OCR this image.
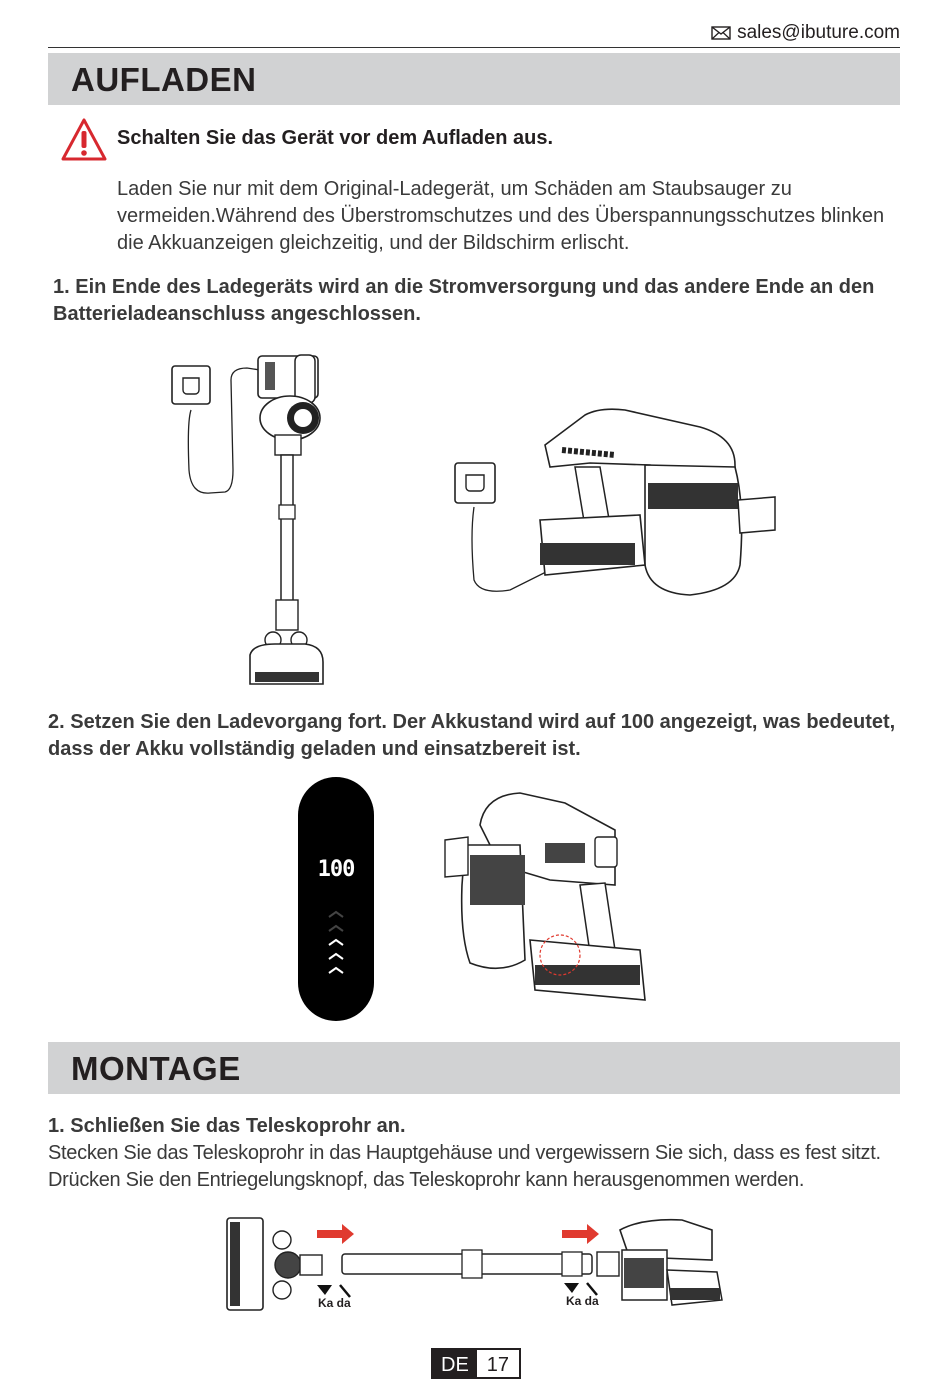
sales@ibuture.com
AUFLADEN
Schalten Sie das Gerät vor dem Aufladen aus.
Laden Sie nur mit dem Original-Ladegerät, um Schäden am Staubsauger zu vermeiden.Während des Überstromschutzes und des Überspannungsschutzes blinken die Akkuanzeigen gleichzeitig, und der Bildschirm erlischt.
1. Ein Ende des Ladegeräts wird an die Stromversorgung und das andere Ende an den Batterieladeanschluss angeschlossen.
2. Setzen Sie den Ladevorgang fort. Der Akkustand wird auf 100 angezeigt, was bedeutet, dass der Akku vollständig geladen und einsatzbereit ist.
100
MONTAGE
1. Schließen Sie das Teleskoprohr an.
Stecken Sie das Teleskoprohr in das Hauptgehäuse und vergewissern Sie sich, dass es fest sitzt. Drücken Sie den Entriegelungsknopf, das Teleskoprohr kann herausgenommen werden.
Ka da	Ka da
DE 17
